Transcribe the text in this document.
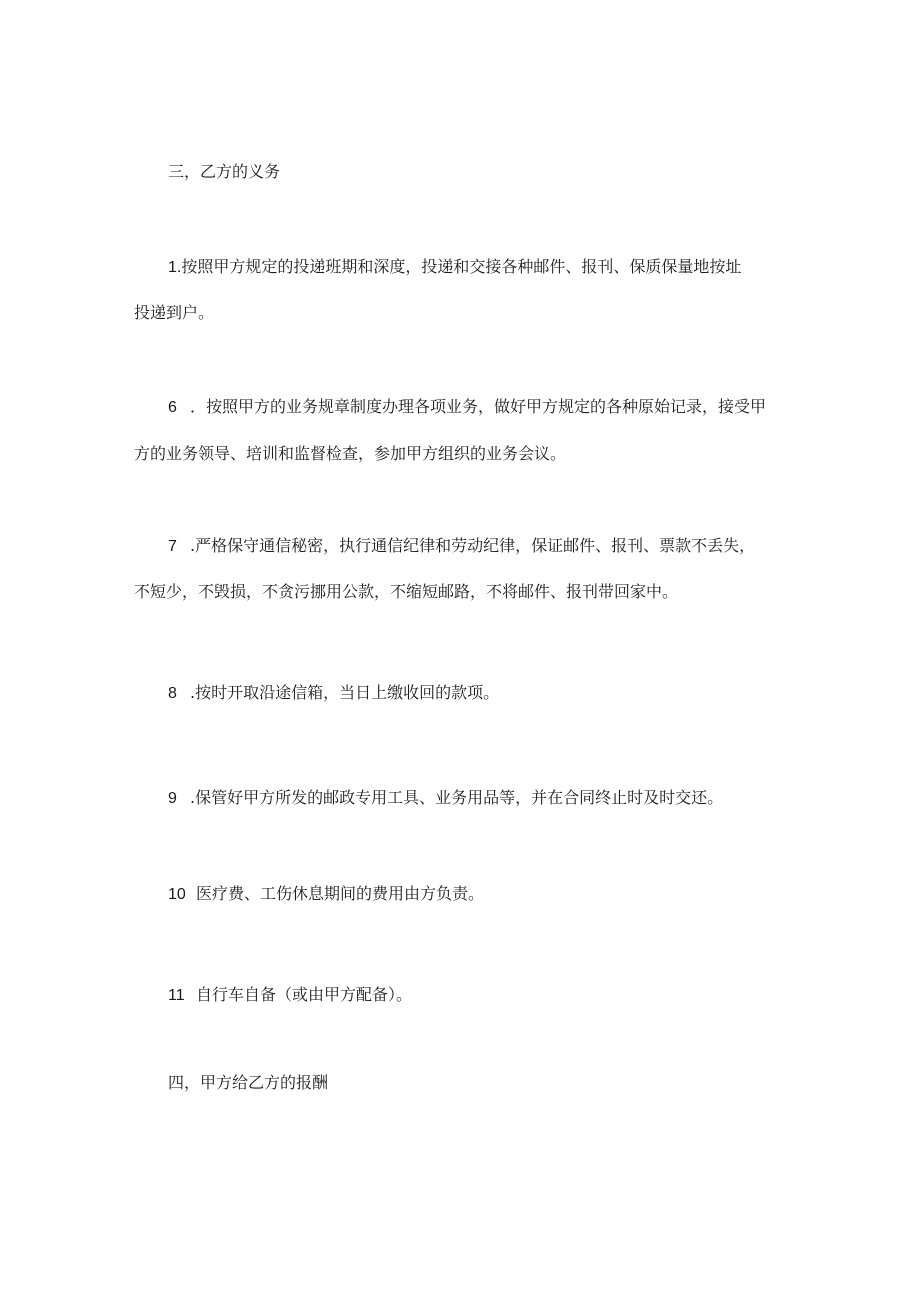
三，乙方的义务

1.按照甲方规定的投递班期和深度，投递和交接各种邮件、报刊、保质保量地按址

投递到户。

6 ．按照甲方的业务规章制度办理各项业务，做好甲方规定的各种原始记录，接受甲

方的业务领导、培训和监督检查，参加甲方组织的业务会议。

7 .严格保守通信秘密，执行通信纪律和劳动纪律，保证邮件、报刊、票款不丢失，

不短少，不毁损，不贪污挪用公款，不缩短邮路，不将邮件、报刊带回家中。

8 .按时开取沿途信箱，当日上缴收回的款项。

9 .保管好甲方所发的邮政专用工具、业务用品等，并在合同终止时及时交还。

10 医疗费、工伤休息期间的费用由方负责。

11 自行车自备（或由甲方配备）。

四，甲方给乙方的报酬
